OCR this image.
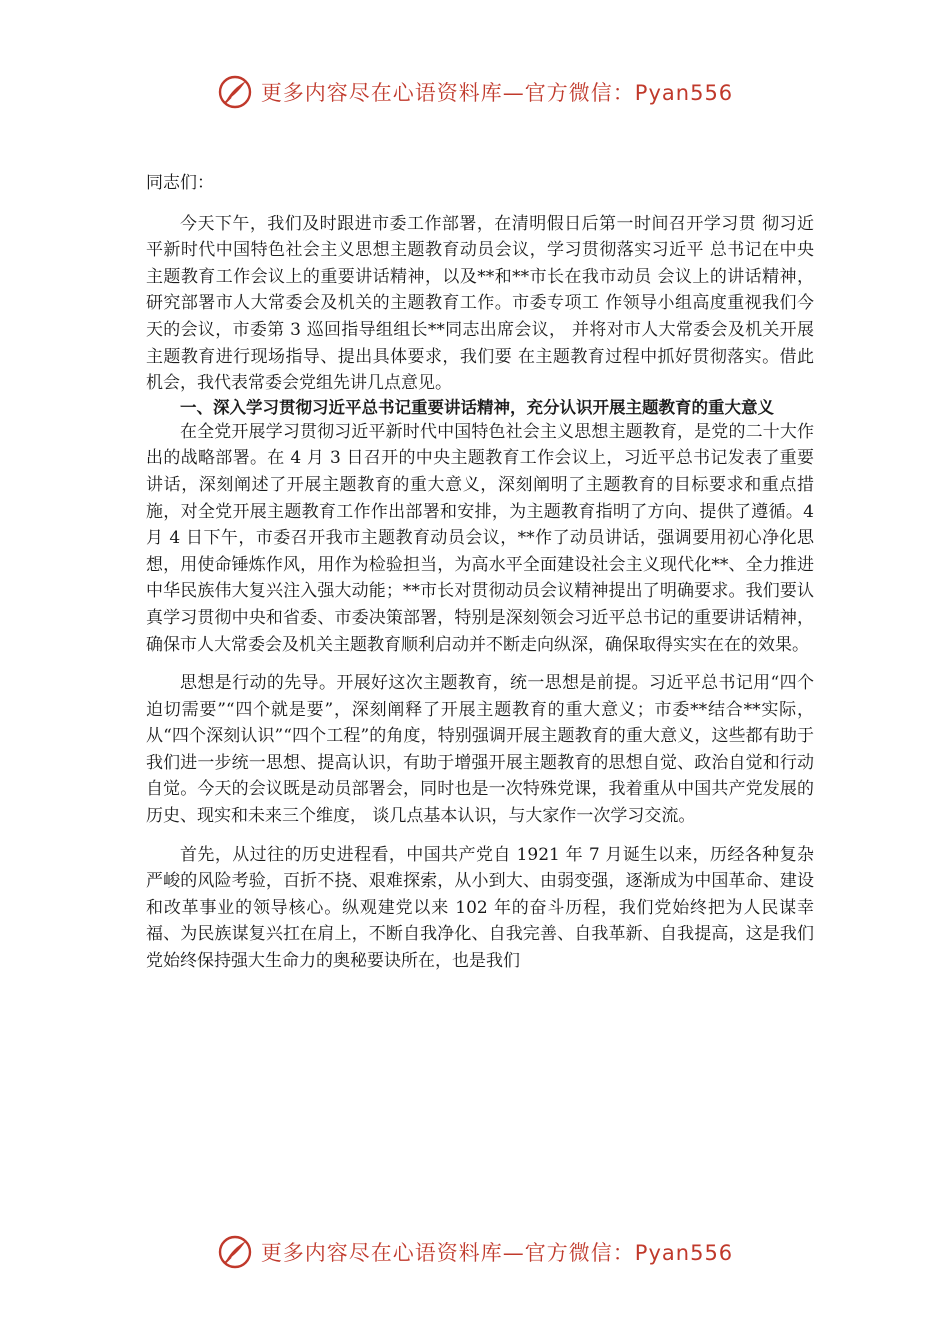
更多内容尽在心语资料库—官方微信：Pyan556

同志们：

今天下午，我们及时跟进市委工作部署，在清明假日后第一时间召开学习贯 彻习近平新时代中国特色社会主义思想主题教育动员会议，学习贯彻落实习近平 总书记在中央主题教育工作会议上的重要讲话精神，以及**和**市长在我市动员 会议上的讲话精神，研究部署市人大常委会及机关的主题教育工作。市委专项工 作领导小组高度重视我们今天的会议，市委第 3 巡回指导组组长**同志出席会议， 并将对市人大常委会及机关开展主题教育进行现场指导、提出具体要求，我们要 在主题教育过程中抓好贯彻落实。借此机会，我代表常委会党组先讲几点意见。

一、深入学习贯彻习近平总书记重要讲话精神，充分认识开展主题教育的重大意义

在全党开展学习贯彻习近平新时代中国特色社会主义思想主题教育，是党的二十大作出的战略部署。在 4 月 3 日召开的中央主题教育工作会议上，习近平总书记发表了重要讲话，深刻阐述了开展主题教育的重大意义，深刻阐明了主题教育的目标要求和重点措施，对全党开展主题教育工作作出部署和安排，为主题教育指明了方向、提供了遵循。4 月 4 日下午，市委召开我市主题教育动员会议，**作了动员讲话，强调要用初心净化思想，用使命锤炼作风，用作为检验担当，为高水平全面建设社会主义现代化**、全力推进中华民族伟大复兴注入强大动能；**市长对贯彻动员会议精神提出了明确要求。我们要认真学习贯彻中央和省委、市委决策部署，特别是深刻领会习近平总书记的重要讲话精神，确保市人大常委会及机关主题教育顺利启动并不断走向纵深，确保取得实实在在的效果。

思想是行动的先导。开展好这次主题教育，统一思想是前提。习近平总书记用“四个迫切需要”“四个就是要”，深刻阐释了开展主题教育的重大意义；市委**结合**实际，从“四个深刻认识”“四个工程”的角度，特别强调开展主题教育的重大意义，这些都有助于我们进一步统一思想、提高认识，有助于增强开展主题教育的思想自觉、政治自觉和行动自觉。今天的会议既是动员部署会，同时也是一次特殊党课，我着重从中国共产党发展的历史、现实和未来三个维度， 谈几点基本认识，与大家作一次学习交流。

首先，从过往的历史进程看，中国共产党自 1921 年 7 月诞生以来，历经各种复杂严峻的风险考验，百折不挠、艰难探索，从小到大、由弱变强，逐渐成为中国革命、建设和改革事业的领导核心。纵观建党以来 102 年的奋斗历程，我们党始终把为人民谋幸福、为民族谋复兴扛在肩上，不断自我净化、自我完善、自我革新、自我提高，这是我们党始终保持强大生命力的奥秘要诀所在，也是我们

更多内容尽在心语资料库—官方微信：Pyan556
